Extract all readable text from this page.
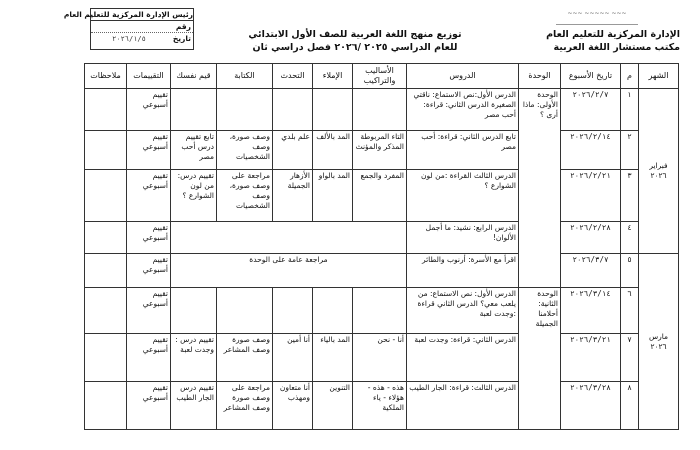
رئيس الإدارة المركزية للتعليم العام
رقم
تاريخ
٢٠٢٦/١/٥
~~~ ~~~~~ ~~~
الإدارة المركزية للتعليم العام
مكتب مستشار اللغة العربية
توزيع منهج اللغة العربية للصف الأول الابتدائي
للعام الدراسي ٢٠٢٥ /٢٠٢٦ فصل دراسي ثان
الشهر	م	تاريخ الأسبوع	الوحدة	الدروس	الأساليب والتراكيب	الإملاء	التحدث	الكتابة	قيم نفسك	التقييمات	ملاحظات
فبراير ٢٠٢٦	١	٢٠٢٦/٢/٧	الوحدة الأولى: ماذا أرى ؟	الدرس الأول:نص الاستماع: ناقتي الصغيرة الدرس الثاني: قراءة: أحب مصر						تقييم أسبوعي	
	٢	٢٠٢٦/٢/١٤		تابع الدرس الثاني: قراءة: أحب مصر	التاء المربوطة المذكر والمؤنث	المد بالألف	علم بلدي	وصف صورة، وصف الشخصيات	تابع تقييم درس أحب مصر	تقييم أسبوعي	
	٣	٢٠٢٦/٢/٢١		الدرس الثالث القراءة :من لون الشوارع ؟	المفرد والجمع	المد بالواو	الأزهار الجميلة	مراجعة على وصف صورة، وصف الشخصيات	تقييم درس: من لون الشوارع ؟	تقييم أسبوعي	
	٤	٢٠٢٦/٢/٢٨		الدرس الرابع: نشيد: ما أجمل الألوان!						تقييم أسبوعي	
مارس ٢٠٢٦	٥	٢٠٢٦/٣/٧		اقرأ مع الأسرة: أرنوب والطائر	مراجعة عامة على الوحدة					تقييم أسبوعي	
	٦	٢٠٢٦/٣/١٤	الوحدة الثانية: أحلامنا الجميلة	الدرس الأول: نص الاستماع: من يلعب معي؟ الدرس الثاني قراءة :وجدت لعبة						تقييم أسبوعي	
	٧	٢٠٢٦/٣/٢١		الدرس الثاني: قراءة: وجدت لعبة	أنا - نحن	المد بالياء	أنا أمين	وصف صورة وصف المشاعر	تقييم درس : وجدت لعبة	تقييم أسبوعي	
	٨	٢٠٢٦/٣/٢٨		الدرس الثالث: قراءة: الجار الطيب	هذه - هذه - هؤلاء - ياء الملكية	التنوين	أنا متعاون ومهذب	مراجعة على وصف صورة وصف المشاعر	تقييم درس الجار الطيب	تقييم أسبوعي	
